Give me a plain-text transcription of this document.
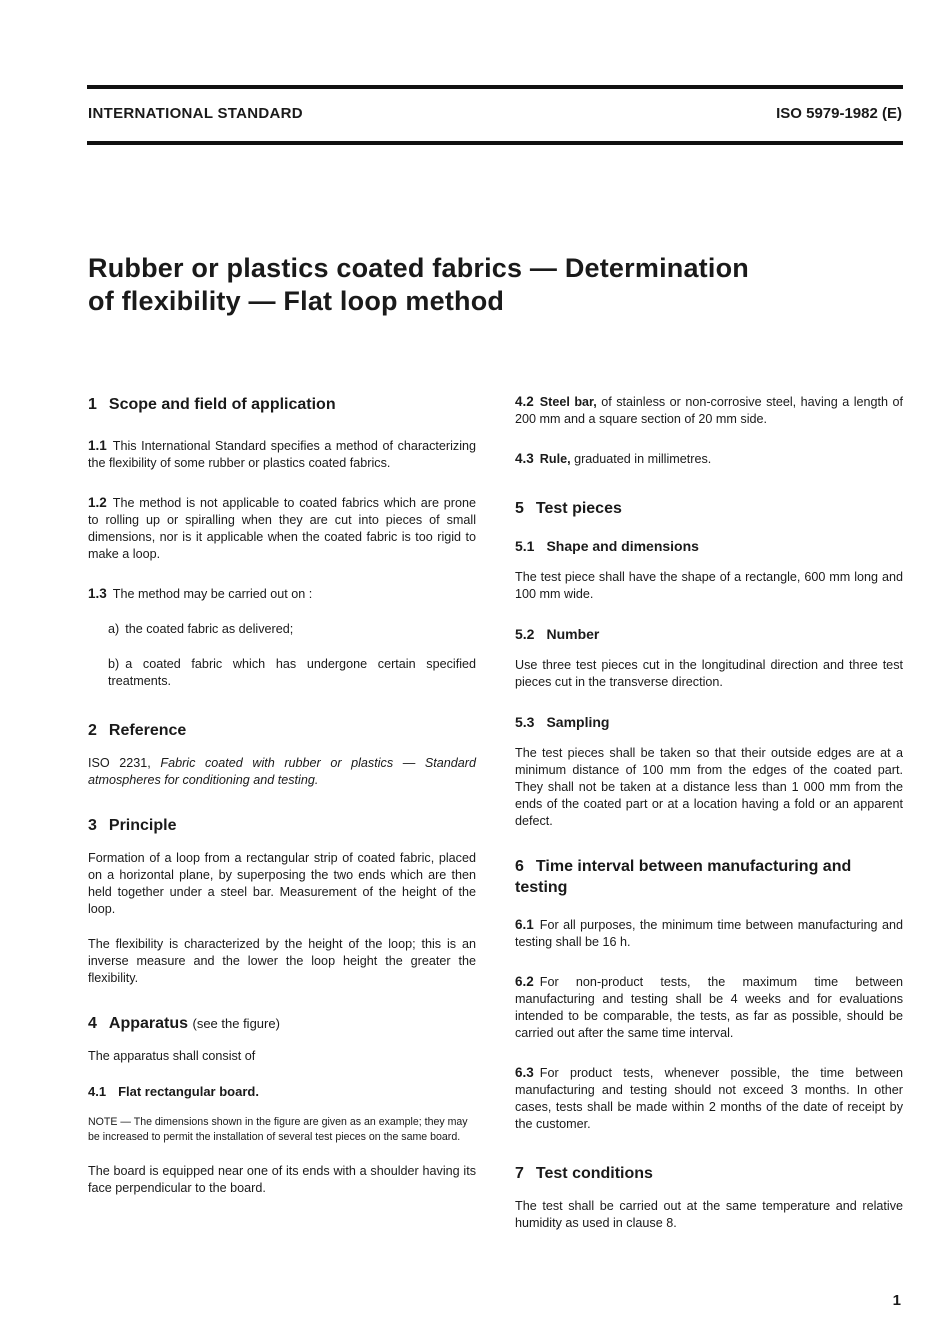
INTERNATIONAL STANDARD	ISO 5979-1982 (E)
Rubber or plastics coated fabrics — Determination
of flexibility — Flat loop method

1 Scope and field of application

1.1 This International Standard specifies a method of characterizing the flexibility of some rubber or plastics coated fabrics.

1.2 The method is not applicable to coated fabrics which are prone to rolling up or spiralling when they are cut into pieces of small dimensions, nor is it applicable when the coated fabric is too rigid to make a loop.

1.3 The method may be carried out on :

a) the coated fabric as delivered;

b) a coated fabric which has undergone certain specified treatments.

2 Reference

ISO 2231, Fabric coated with rubber or plastics — Standard atmospheres for conditioning and testing.

3 Principle

Formation of a loop from a rectangular strip of coated fabric, placed on a horizontal plane, by superposing the two ends which are then held together under a steel bar. Measurement of the height of the loop.

The flexibility is characterized by the height of the loop; this is an inverse measure and the lower the loop height the greater the flexibility.

4 Apparatus (see the figure)

The apparatus shall consist of

4.1 Flat rectangular board.

NOTE — The dimensions shown in the figure are given as an example; they may be increased to permit the installation of several test pieces on the same board.

The board is equipped near one of its ends with a shoulder having its face perpendicular to the board.

4.2 Steel bar, of stainless or non-corrosive steel, having a length of 200 mm and a square section of 20 mm side.

4.3 Rule, graduated in millimetres.

5 Test pieces

5.1 Shape and dimensions

The test piece shall have the shape of a rectangle, 600 mm long and 100 mm wide.

5.2 Number

Use three test pieces cut in the longitudinal direction and three test pieces cut in the transverse direction.

5.3 Sampling

The test pieces shall be taken so that their outside edges are at a minimum distance of 100 mm from the edges of the coated part. They shall not be taken at a distance less than 1 000 mm from the ends of the coated part or at a location having a fold or an apparent defect.

6 Time interval between manufacturing and testing

6.1 For all purposes, the minimum time between manufacturing and testing shall be 16 h.

6.2 For non-product tests, the maximum time between manufacturing and testing shall be 4 weeks and for evaluations intended to be comparable, the tests, as far as possible, should be carried out after the same time interval.

6.3 For product tests, whenever possible, the time between manufacturing and testing should not exceed 3 months. In other cases, tests shall be made within 2 months of the date of receipt by the customer.

7 Test conditions

The test shall be carried out at the same temperature and relative humidity as used in clause 8.

1
